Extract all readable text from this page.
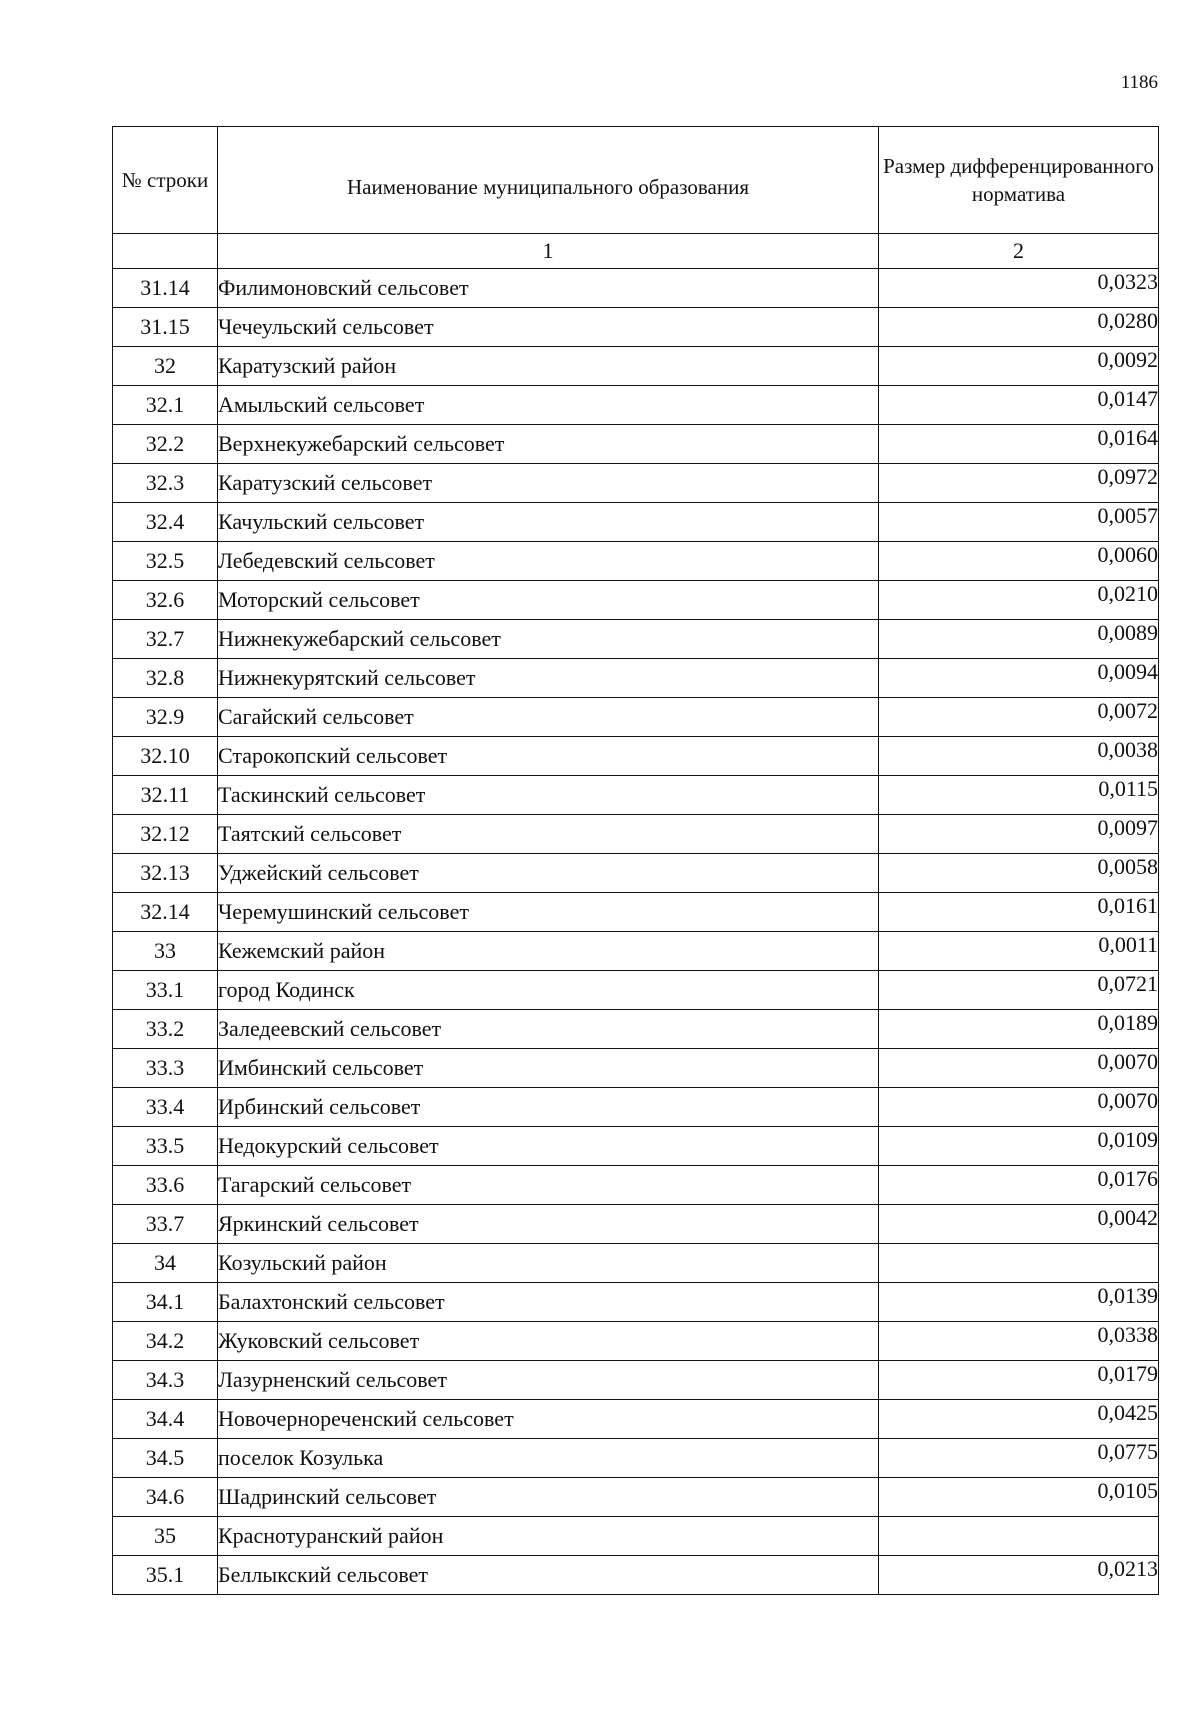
1186
№ строки	Наименование муниципального образования	Размер дифференцированного норматива
	1	2
31.14	Филимоновский сельсовет	0,0323
31.15	Чечеульский сельсовет	0,0280
32	Каратузский район	0,0092
32.1	Амыльский сельсовет	0,0147
32.2	Верхнекужебарский сельсовет	0,0164
32.3	Каратузский сельсовет	0,0972
32.4	Качульский сельсовет	0,0057
32.5	Лебедевский сельсовет	0,0060
32.6	Моторский сельсовет	0,0210
32.7	Нижнекужебарский сельсовет	0,0089
32.8	Нижнекурятский сельсовет	0,0094
32.9	Сагайский сельсовет	0,0072
32.10	Старокопский сельсовет	0,0038
32.11	Таскинский сельсовет	0,0115
32.12	Таятский сельсовет	0,0097
32.13	Уджейский сельсовет	0,0058
32.14	Черемушинский сельсовет	0,0161
33	Кежемский район	0,0011
33.1	город Кодинск	0,0721
33.2	Заледеевский сельсовет	0,0189
33.3	Имбинский сельсовет	0,0070
33.4	Ирбинский сельсовет	0,0070
33.5	Недокурский сельсовет	0,0109
33.6	Тагарский сельсовет	0,0176
33.7	Яркинский сельсовет	0,0042
34	Козульский район	
34.1	Балахтонский сельсовет	0,0139
34.2	Жуковский сельсовет	0,0338
34.3	Лазурненский сельсовет	0,0179
34.4	Новочернореченский сельсовет	0,0425
34.5	поселок Козулька	0,0775
34.6	Шадринский сельсовет	0,0105
35	Краснотуранский район	
35.1	Беллыкский сельсовет	0,0213
